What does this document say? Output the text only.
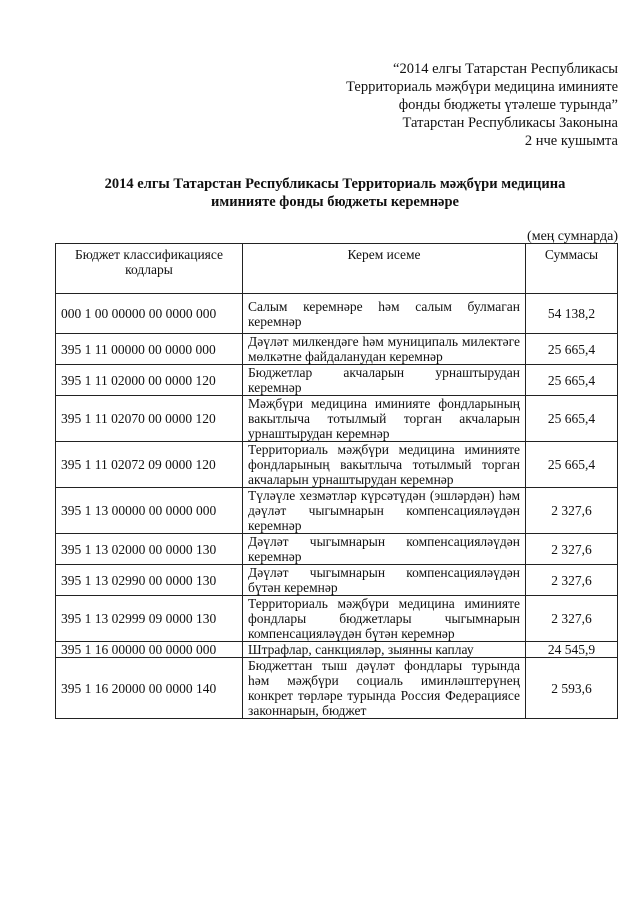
“2014 елгы Татарстан Республикасы
Территориаль мәҗбүри медицина иминияте
фонды бюджеты үтәлеше турында”
Татарстан Республикасы Законына
2 нче кушымта
2014 елгы Татарстан Республикасы Территориаль мәҗбүри медицина
иминияте фонды бюджеты керемнәре
(мең сумнарда)
Бюджет классификациясе кодлары	Керем исеме	Суммасы
000 1 00 00000 00 0000 000	Салым керемнәре һәм салым булмаган керемнәр	54 138,2
395 1 11 00000 00 0000 000	Дәүләт милкендәге һәм муниципаль милектәге мөлкәтне файдаланудан керемнәр	25 665,4
395 1 11 02000 00 0000 120	Бюджетлар акчаларын урнаштырудан керемнәр	25 665,4
395 1 11 02070 00 0000 120	Мәҗбүри медицина иминияте фондларының вакытлыча тотылмый торган акчаларын урнаштырудан керемнәр	25 665,4
395 1 11 02072 09 0000 120	Территориаль мәҗбүри медицина иминияте фондларының вакытлыча тотылмый торган акчаларын урнаштырудан керемнәр	25 665,4
395 1 13 00000 00 0000 000	Түләүле хезмәтләр күрсәтүдән (эшләрдән) һәм дәүләт чыгымнарын компенсацияләүдән керемнәр	2 327,6
395 1 13 02000 00 0000 130	Дәүләт чыгымнарын компенсацияләүдән керемнәр	2 327,6
395 1 13 02990 00 0000 130	Дәүләт чыгымнарын компенсацияләүдән бүтән керемнәр	2 327,6
395 1 13 02999 09 0000 130	Территориаль мәҗбүри медицина иминияте фондлары бюджетлары чыгымнарын компенсацияләүдән бүтән керемнәр	2 327,6
395 1 16 00000 00 0000 000	Штрафлар, санкцияләр, зыянны каплау	24 545,9
395 1 16 20000 00 0000 140	Бюджеттан тыш дәүләт фондлары турында һәм мәҗбүри социаль иминләштерүнең конкрет төрләре турында Россия Федерациясе законнарын, бюджет	2 593,6
